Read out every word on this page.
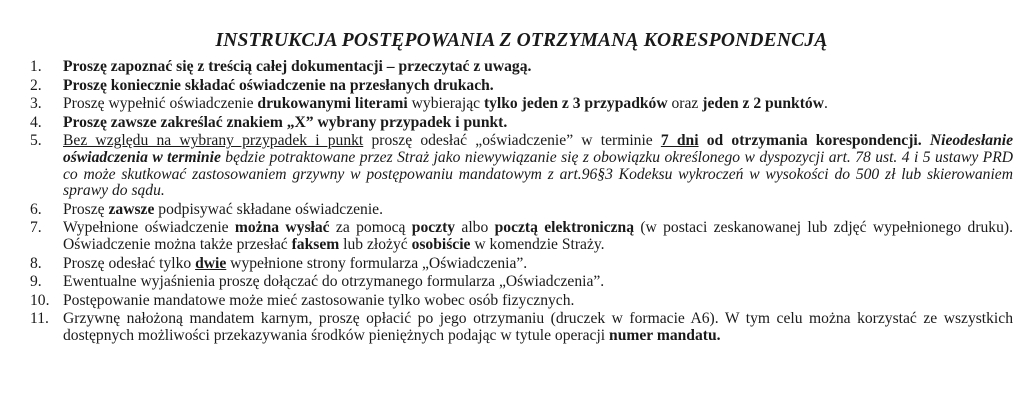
INSTRUKCJA POSTĘPOWANIA Z OTRZYMANĄ KORESPONDENCJĄ
1.	Proszę zapoznać się z treścią całej dokumentacji – przeczytać z uwagą.
2.	Proszę koniecznie składać oświadczenie na przesłanych drukach.
3.	Proszę wypełnić oświadczenie drukowanymi literami wybierając tylko jeden z 3 przypadków oraz jeden z 2 punktów.
4.	Proszę zawsze zakreślać znakiem „X” wybrany przypadek i punkt.
5.	Bez względu na wybrany przypadek i punkt proszę odesłać „oświadczenie” w terminie 7 dni od otrzymania korespondencji. Nieodesłanie oświadczenia w terminie będzie potraktowane przez Straż jako niewywiązanie się z obowiązku określonego w dyspozycji art. 78 ust. 4 i 5 ustawy PRD co może skutkować zastosowaniem grzywny w postępowaniu mandatowym z art.96§3 Kodeksu wykroczeń w wysokości do 500 zł lub skierowaniem sprawy do sądu.
6.	Proszę zawsze podpisywać składane oświadczenie.
7.	Wypełnione oświadczenie można wysłać za pomocą poczty albo pocztą elektroniczną (w postaci zeskanowanej lub zdjęć wypełnionego druku). Oświadczenie można także przesłać faksem lub złożyć osobiście w komendzie Straży.
8.	Proszę odesłać tylko dwie wypełnione strony formularza „Oświadczenia”.
9.	Ewentualne wyjaśnienia proszę dołączać do otrzymanego formularza „Oświadczenia”.
10. Postępowanie mandatowe może mieć zastosowanie tylko wobec osób fizycznych.
11. Grzywnę nałożoną mandatem karnym, proszę opłacić po jego otrzymaniu (druczek w formacie A6). W tym celu można korzystać ze wszystkich dostępnych możliwości przekazywania środków pieniężnych podając w tytule operacji numer mandatu.
